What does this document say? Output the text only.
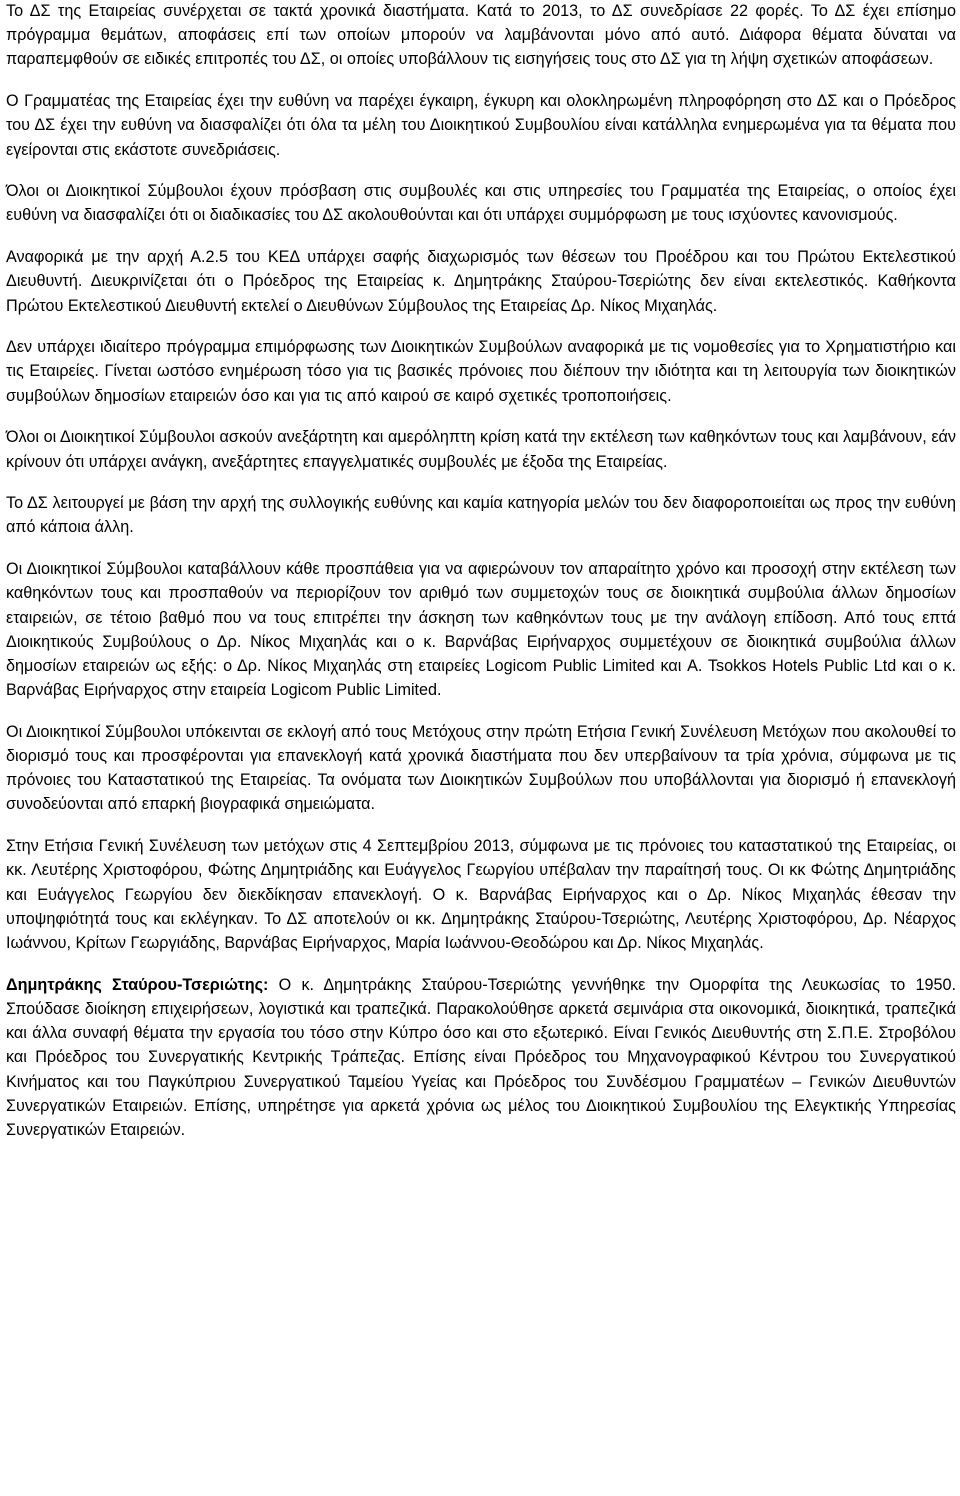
Το ΔΣ της Εταιρείας συνέρχεται σε τακτά χρονικά διαστήματα. Κατά το 2013, το ΔΣ συνεδρίασε 22 φορές. Το ΔΣ έχει επίσημο πρόγραμμα θεμάτων, αποφάσεις επί των οποίων μπορούν να λαμβάνονται μόνο από αυτό. Διάφορα θέματα δύναται να παραπεμφθούν σε ειδικές επιτροπές του ΔΣ, οι οποίες υποβάλλουν τις εισηγήσεις τους στο ΔΣ για τη λήψη σχετικών αποφάσεων.

Ο Γραμματέας της Εταιρείας έχει την ευθύνη να παρέχει έγκαιρη, έγκυρη και ολοκληρωμένη πληροφόρηση στο ΔΣ και ο Πρόεδρος του ΔΣ έχει την ευθύνη να διασφαλίζει ότι όλα τα μέλη του Διοικητικού Συμβουλίου είναι κατάλληλα ενημερωμένα για τα θέματα που εγείρονται στις εκάστοτε συνεδριάσεις.

Όλοι οι Διοικητικοί Σύμβουλοι έχουν πρόσβαση στις συμβουλές και στις υπηρεσίες του Γραμματέα της Εταιρείας, ο οποίος έχει ευθύνη να διασφαλίζει ότι οι διαδικασίες του ΔΣ ακολουθούνται και ότι υπάρχει συμμόρφωση με τους ισχύοντες κανονισμούς.

Αναφορικά με την αρχή Α.2.5 του ΚΕΔ υπάρχει σαφής διαχωρισμός των θέσεων του Προέδρου και του Πρώτου Εκτελεστικού Διευθυντή. Διευκρινίζεται ότι ο Πρόεδρος της Εταιρείας κ. Δημητράκης Σταύρου-Τσερiώτης δεν είναι εκτελεστικός. Καθήκοντα Πρώτου Εκτελεστικού Διευθυντή εκτελεί ο Διευθύνων Σύμβουλος της Εταιρείας Δρ. Νίκος Μιχαηλάς.

Δεν υπάρχει ιδιαίτερο πρόγραμμα επιμόρφωσης των Διοικητικών Συμβούλων αναφορικά με τις νομοθεσίες για το Χρηματιστήριο και τις Εταιρείες. Γίνεται ωστόσο ενημέρωση τόσο για τις βασικές πρόνοιες που διέπουν την ιδιότητα και τη λειτουργία των διοικητικών συμβούλων δημοσίων εταιρειών όσο και για τις από καιρού σε καιρό σχετικές τροποποιήσεις.

Όλοι οι Διοικητικοί Σύμβουλοι ασκούν ανεξάρτητη και αμερόληπτη κρίση κατά την εκτέλεση των καθηκόντων τους και λαμβάνουν, εάν κρίνουν ότι υπάρχει ανάγκη, ανεξάρτητες επαγγελματικές συμβουλές με έξοδα της Εταιρείας.

Το ΔΣ λειτουργεί με βάση την αρχή της συλλογικής ευθύνης και καμία κατηγορία μελών του δεν διαφοροποιείται ως προς την ευθύνη από κάποια άλλη.

Οι Διοικητικοί Σύμβουλοι καταβάλλουν κάθε προσπάθεια για να αφιερώνουν τον απαραίτητο χρόνο και προσοχή στην εκτέλεση των καθηκόντων τους και προσπαθούν να περιορίζουν τον αριθμό των συμμετοχών τους σε διοικητικά συμβούλια άλλων δημοσίων εταιρειών, σε τέτοιο βαθμό που να τους επιτρέπει την άσκηση των καθηκόντων τους με την ανάλογη επίδοση. Από τους επτά Διοικητικούς Συμβούλους ο Δρ. Νίκος Μιχαηλάς και ο κ. Βαρνάβας Ειρήναρχος συμμετέχουν σε διοικητικά συμβούλια άλλων δημοσίων εταιρειών ως εξής: ο Δρ. Νίκος Μιχαηλάς στη εταιρείες Logicom Public Limited και A. Tsokkos Hotels Public Ltd και ο κ. Βαρνάβας Ειρήναρχος στην εταιρεία Logicom Public Limited.

Οι Διοικητικοί Σύμβουλοι υπόκεινται σε εκλογή από τους Μετόχους στην πρώτη Ετήσια Γενική Συνέλευση Μετόχων που ακολουθεί το διορισμό τους και προσφέρονται για επανεκλογή κατά χρονικά διαστήματα που δεν υπερβαίνουν τα τρία χρόνια, σύμφωνα με τις πρόνοιες του Καταστατικού της Εταιρείας. Τα ονόματα των Διοικητικών Συμβούλων που υποβάλλονται για διορισμό ή επανεκλογή συνοδεύονται από επαρκή βιογραφικά σημειώματα.

Στην Ετήσια Γενική Συνέλευση των μετόχων στις 4 Σεπτεμβρίου 2013, σύμφωνα με τις πρόνοιες του καταστατικού της Εταιρείας, οι κκ. Λευτέρης Χριστοφόρου, Φώτης Δημητριάδης και Ευάγγελος Γεωργίου υπέβαλαν την παραίτησή τους. Οι κκ Φώτης Δημητριάδης και Ευάγγελος Γεωργίου δεν διεκδίκησαν επανεκλογή. Ο κ. Βαρνάβας Ειρήναρχος και ο Δρ. Νίκος Μιχαηλάς έθεσαν την υποψηφιότητά τους και εκλέγηκαν. Το ΔΣ αποτελούν οι κκ. Δημητράκης Σταύρου-Τσεριώτης, Λευτέρης Χριστοφόρου, Δρ. Νέαρχος Ιωάννου, Κρίτων Γεωργιάδης, Βαρνάβας Ειρήναρχος, Μαρία Ιωάννου-Θεοδώρου και Δρ. Νίκος Μιχαηλάς.

Δημητράκης Σταύρου-Τσεριώτης: Ο κ. Δημητράκης Σταύρου-Τσεριώτης γεννήθηκε την Ομορφίτα της Λευκωσίας το 1950. Σπούδασε διοίκηση επιχειρήσεων, λογιστικά και τραπεζικά. Παρακολούθησε αρκετά σεμινάρια στα οικονομικά, διοικητικά, τραπεζικά και άλλα συναφή θέματα την εργασία του τόσο στην Κύπρο όσο και στο εξωτερικό. Είναι Γενικός Διευθυντής στη Σ.Π.Ε. Στροβόλου και Πρόεδρος του Συνεργατικής Κεντρικής Τράπεζας. Επίσης είναι Πρόεδρος του Μηχανογραφικού Κέντρου του Συνεργατικού Κινήματος και του Παγκύπριου Συνεργατικού Ταμείου Υγείας και Πρόεδρος του Συνδέσμου Γραμματέων – Γενικών Διευθυντών Συνεργατικών Εταιρειών. Επίσης, υπηρέτησε για αρκετά χρόνια ως μέλος του Διοικητικού Συμβουλίου της Ελεγκτικής Υπηρεσίας Συνεργατικών Εταιρειών.
